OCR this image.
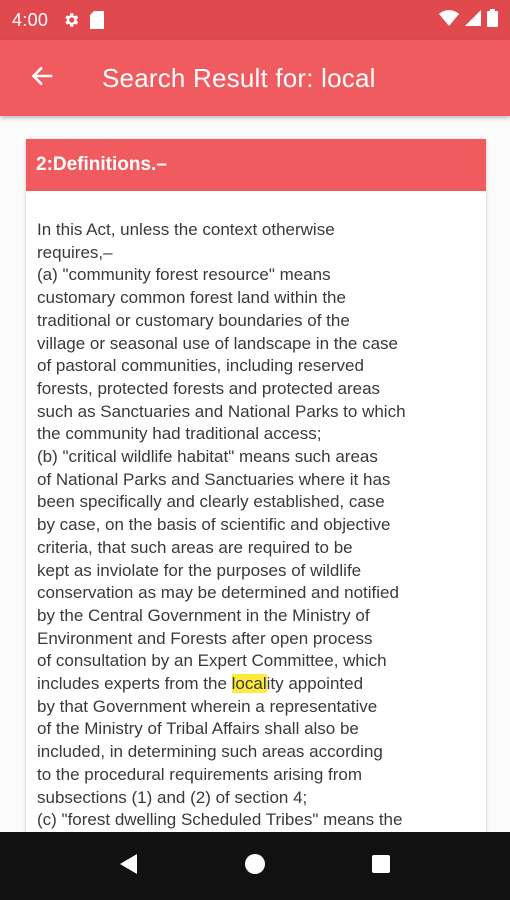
4:00
Search Result for: local
2:Definitions.–
In this Act, unless the context otherwise
requires,–
(a) "community forest resource" means
customary common forest land within the
traditional or customary boundaries of the
village or seasonal use of landscape in the case
of pastoral communities, including reserved
forests, protected forests and protected areas
such as Sanctuaries and National Parks to which
the community had traditional access;
(b) "critical wildlife habitat" means such areas
of National Parks and Sanctuaries where it has
been specifically and clearly established, case
by case, on the basis of scientific and objective
criteria, that such areas are required to be
kept as inviolate for the purposes of wildlife
conservation as may be determined and notified
by the Central Government in the Ministry of
Environment and Forests after open process
of consultation by an Expert Committee, which
includes experts from the locality appointed
by that Government wherein a representative
of the Ministry of Tribal Affairs shall also be
included, in determining such areas according
to the procedural requirements arising from
subsections (1) and (2) of section 4;
(c) "forest dwelling Scheduled Tribes" means the
